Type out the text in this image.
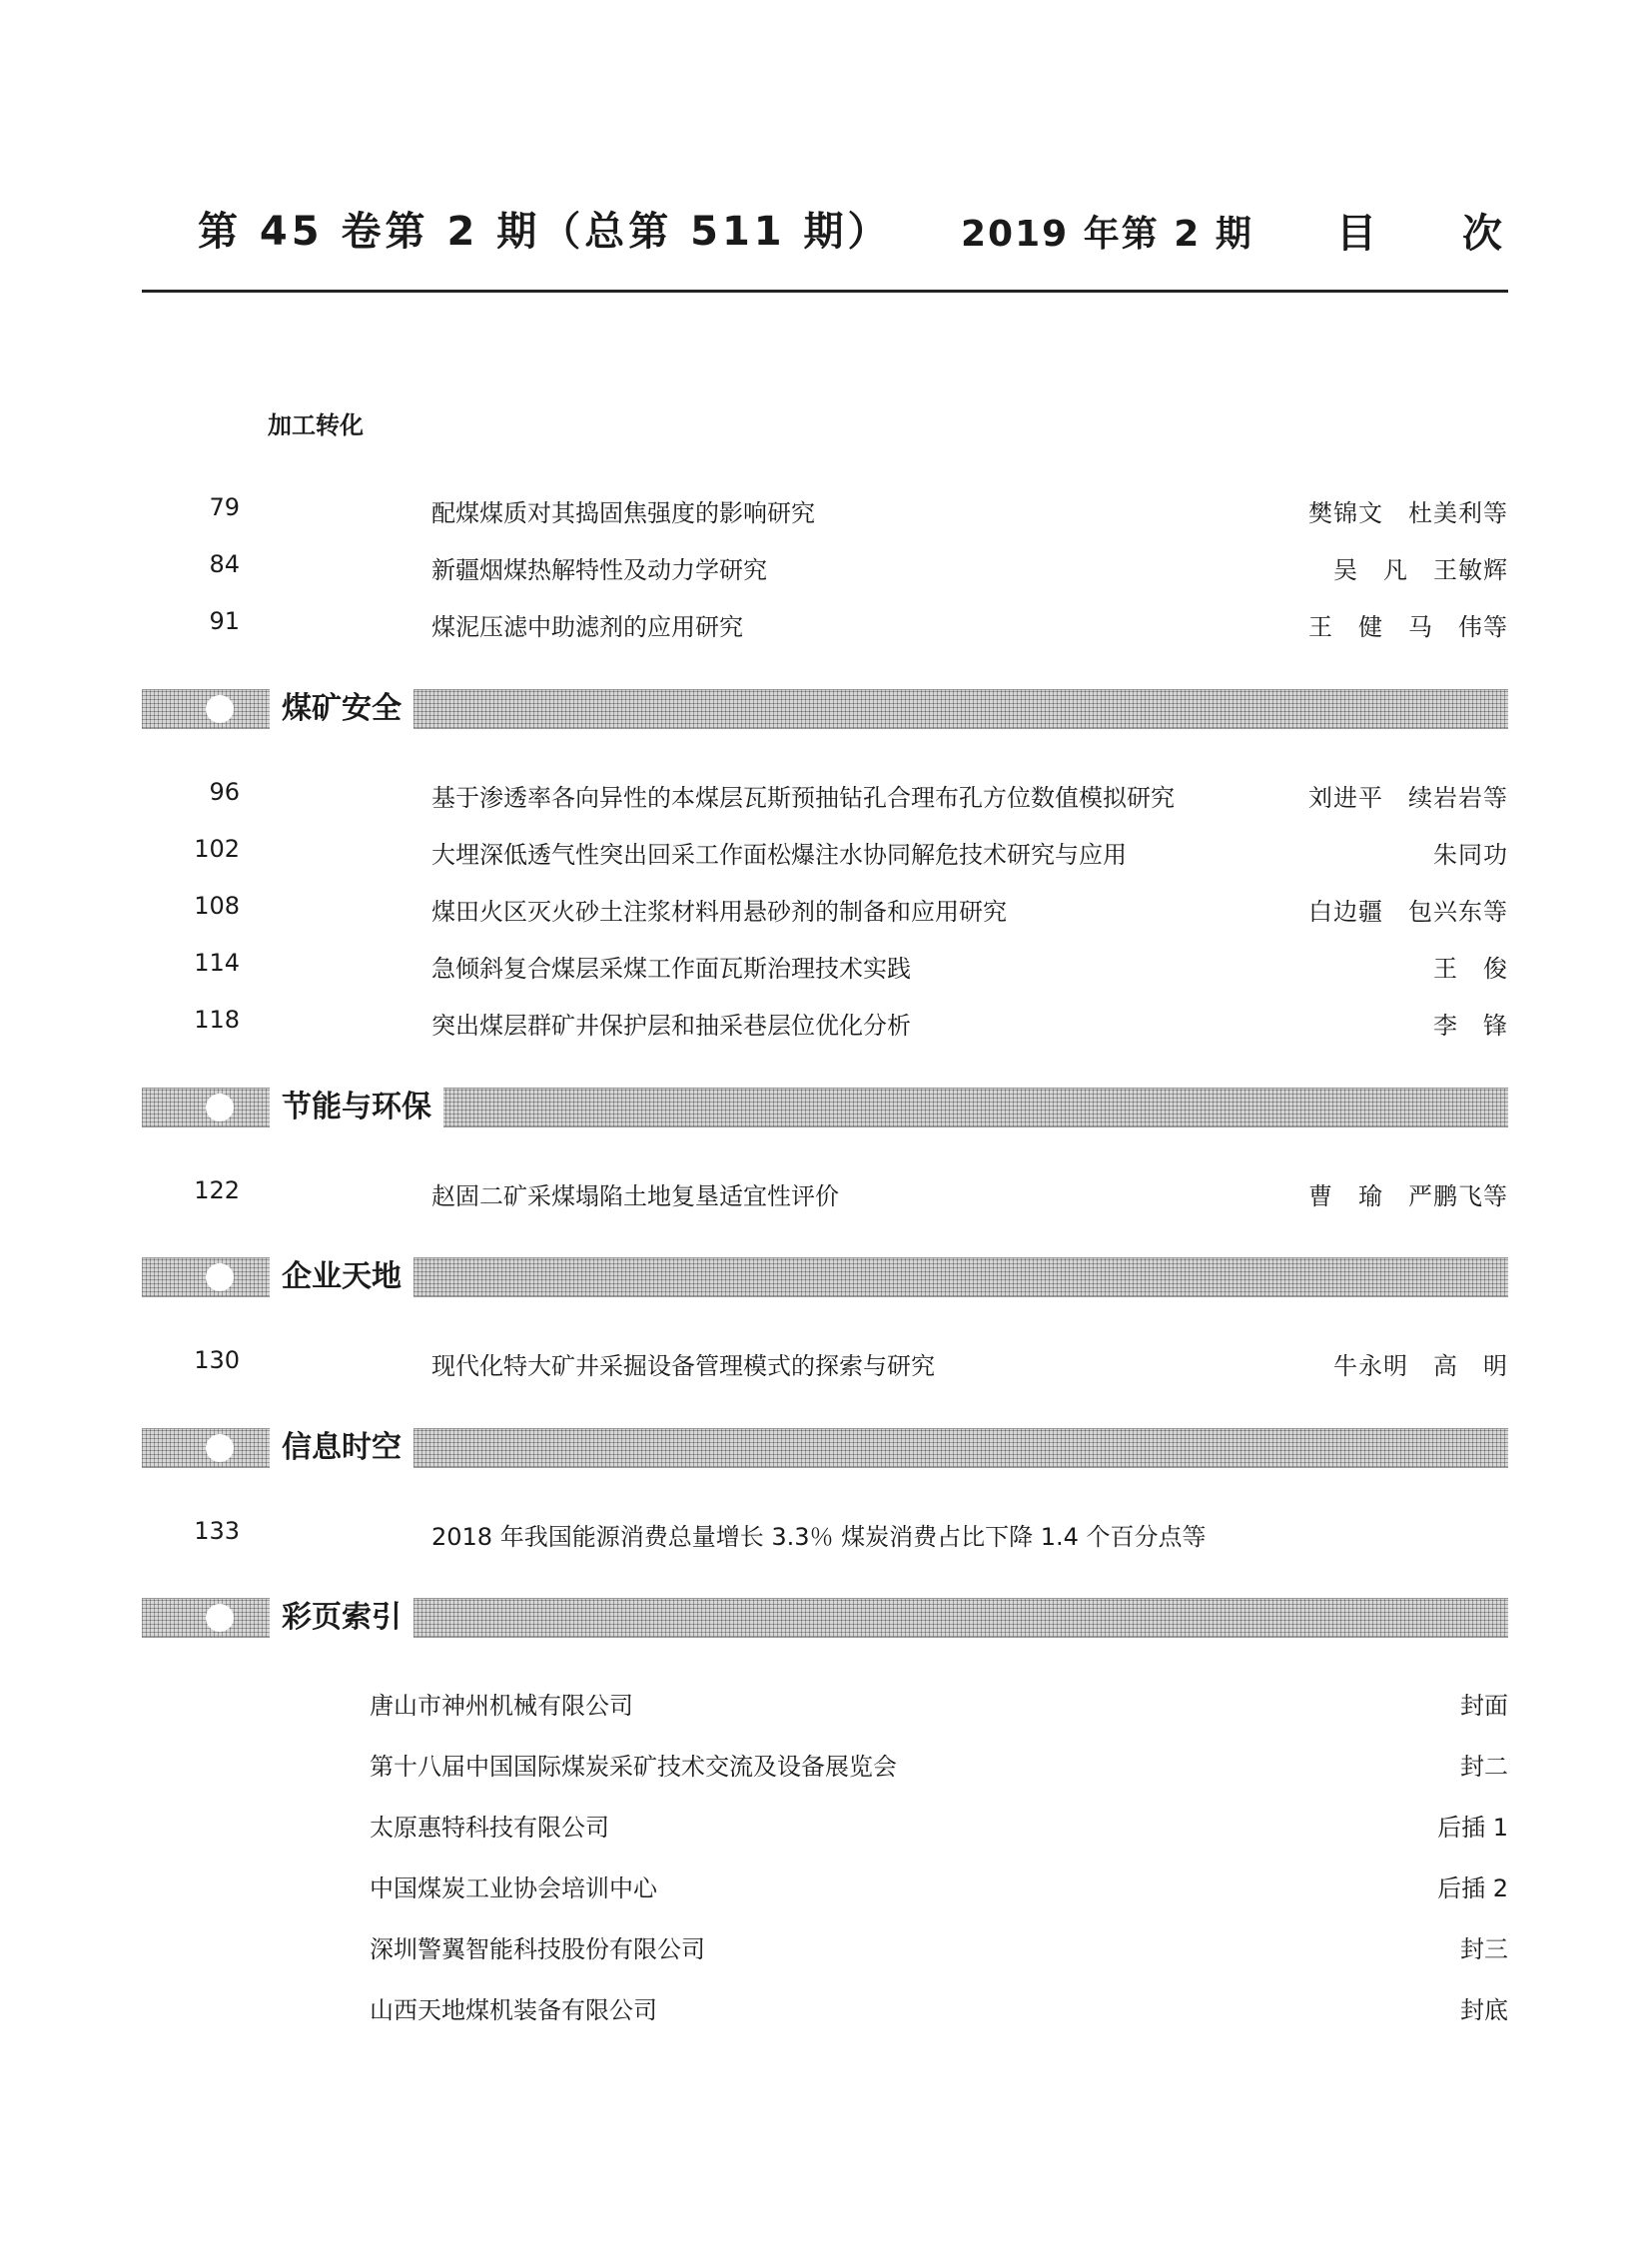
第 45 卷第 2 期（总第 511 期） 2019 年第 2 期 目 次
加工转化
79	配煤煤质对其捣固焦强度的影响研究	樊锦文　杜美利等
84	新疆烟煤热解特性及动力学研究	吴　凡　王敏辉
91	煤泥压滤中助滤剂的应用研究	王　健　马　伟等
煤矿安全
96	基于渗透率各向异性的本煤层瓦斯预抽钻孔合理布孔方位数值模拟研究	刘进平　续岩岩等
102	大埋深低透气性突出回采工作面松爆注水协同解危技术研究与应用	朱同功
108	煤田火区灭火砂土注浆材料用悬砂剂的制备和应用研究	白边疆　包兴东等
114	急倾斜复合煤层采煤工作面瓦斯治理技术实践	王　俊
118	突出煤层群矿井保护层和抽采巷层位优化分析	李　锋
节能与环保
122	赵固二矿采煤塌陷土地复垦适宜性评价	曹　瑜　严鹏飞等
企业天地
130	现代化特大矿井采掘设备管理模式的探索与研究	牛永明　高　明
信息时空
133	2018 年我国能源消费总量增长 3.3％ 煤炭消费占比下降 1.4 个百分点等
彩页索引
唐山市神州机械有限公司	封面
第十八届中国国际煤炭采矿技术交流及设备展览会	封二
太原惠特科技有限公司	后插 1
中国煤炭工业协会培训中心	后插 2
深圳警翼智能科技股份有限公司	封三
山西天地煤机装备有限公司	封底
